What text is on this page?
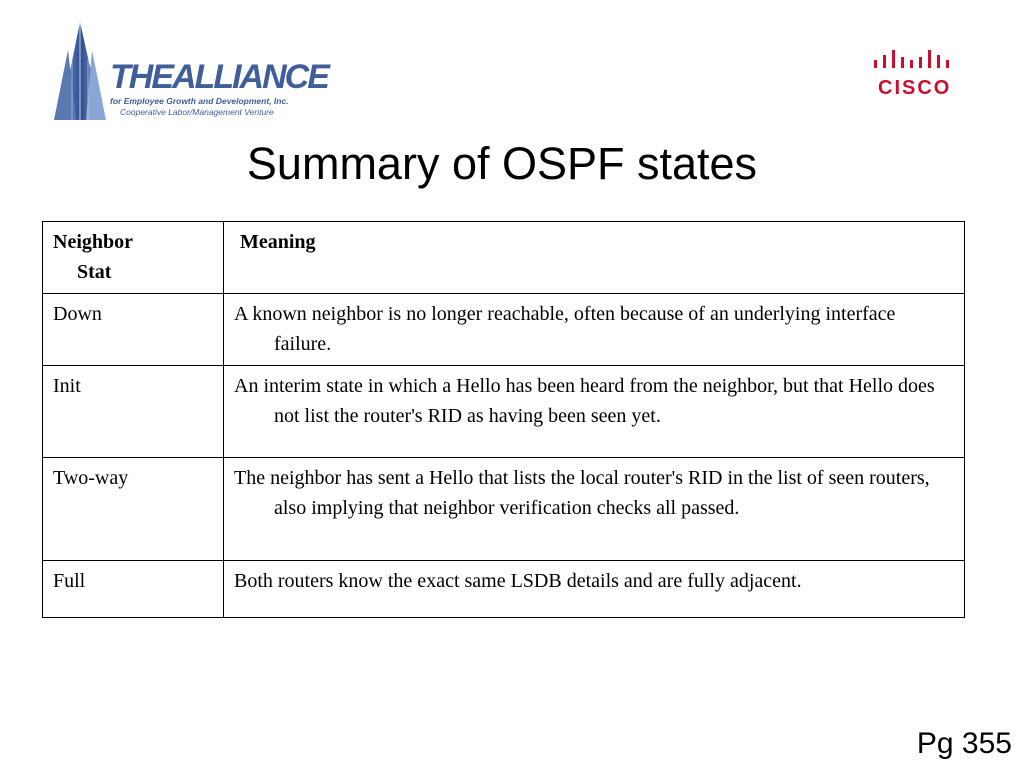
THEALLIANCE
for Employee Growth and Development, Inc.
Cooperative Labor/Management Venture
CISCO
Summary of OSPF states
Neighbor
Stat	Meaning
Down	A known neighbor is no longer reachable, often because of an underlying interface failure.
Init	An interim state in which a Hello has been heard from the neighbor, but that Hello does not list the router's RID as having been seen yet.
Two-way	The neighbor has sent a Hello that lists the local router's RID in the list of seen routers, also implying that neighbor verification checks all passed.
Full	Both routers know the exact same LSDB details and are fully adjacent.
Pg 355
